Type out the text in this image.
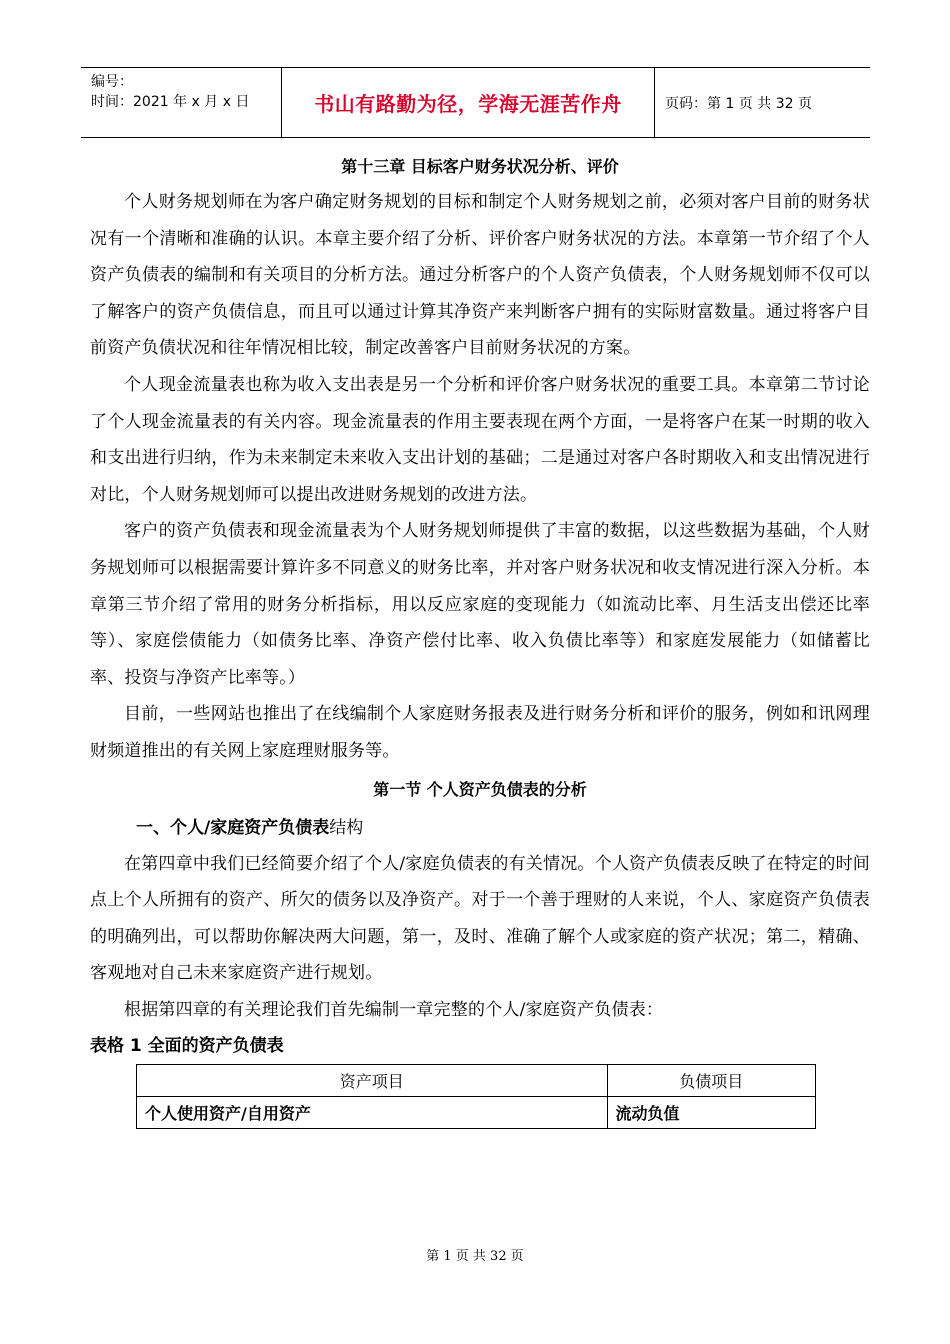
编号：
时间：2021 年 x 月 x 日	书山有路勤为径，学海无涯苦作舟	页码：第 1 页 共 32 页
第十三章 目标客户财务状况分析、评价

个人财务规划师在为客户确定财务规划的目标和制定个人财务规划之前，必须对客户目前的财务状况有一个清晰和准确的认识。本章主要介绍了分析、评价客户财务状况的方法。本章第一节介绍了个人资产负债表的编制和有关项目的分析方法。通过分析客户的个人资产负债表，个人财务规划师不仅可以了解客户的资产负债信息，而且可以通过计算其净资产来判断客户拥有的实际财富数量。通过将客户目前资产负债状况和往年情况相比较，制定改善客户目前财务状况的方案。

个人现金流量表也称为收入支出表是另一个分析和评价客户财务状况的重要工具。本章第二节讨论了个人现金流量表的有关内容。现金流量表的作用主要表现在两个方面，一是将客户在某一时期的收入和支出进行归纳，作为未来制定未来收入支出计划的基础；二是通过对客户各时期收入和支出情况进行对比，个人财务规划师可以提出改进财务规划的改进方法。

客户的资产负债表和现金流量表为个人财务规划师提供了丰富的数据，以这些数据为基础，个人财务规划师可以根据需要计算许多不同意义的财务比率，并对客户财务状况和收支情况进行深入分析。本章第三节介绍了常用的财务分析指标，用以反应家庭的变现能力（如流动比率、月生活支出偿还比率等）、家庭偿债能力（如债务比率、净资产偿付比率、收入负债比率等）和家庭发展能力（如储蓄比率、投资与净资产比率等。）

目前，一些网站也推出了在线编制个人家庭财务报表及进行财务分析和评价的服务，例如和讯网理财频道推出的有关网上家庭理财服务等。

第一节 个人资产负债表的分析
一、个人/家庭资产负债表结构

在第四章中我们已经简要介绍了个人/家庭负债表的有关情况。个人资产负债表反映了在特定的时间点上个人所拥有的资产、所欠的债务以及净资产。对于一个善于理财的人来说，个人、家庭资产负债表的明确列出，可以帮助你解决两大问题，第一，及时、准确了解个人或家庭的资产状况；第二，精确、客观地对自己未来家庭资产进行规划。

根据第四章的有关理论我们首先编制一章完整的个人/家庭资产负债表：

表格 1 全面的资产负债表
资产项目	负债项目
个人使用资产/自用资产	流动负值
第 1 页 共 32 页
